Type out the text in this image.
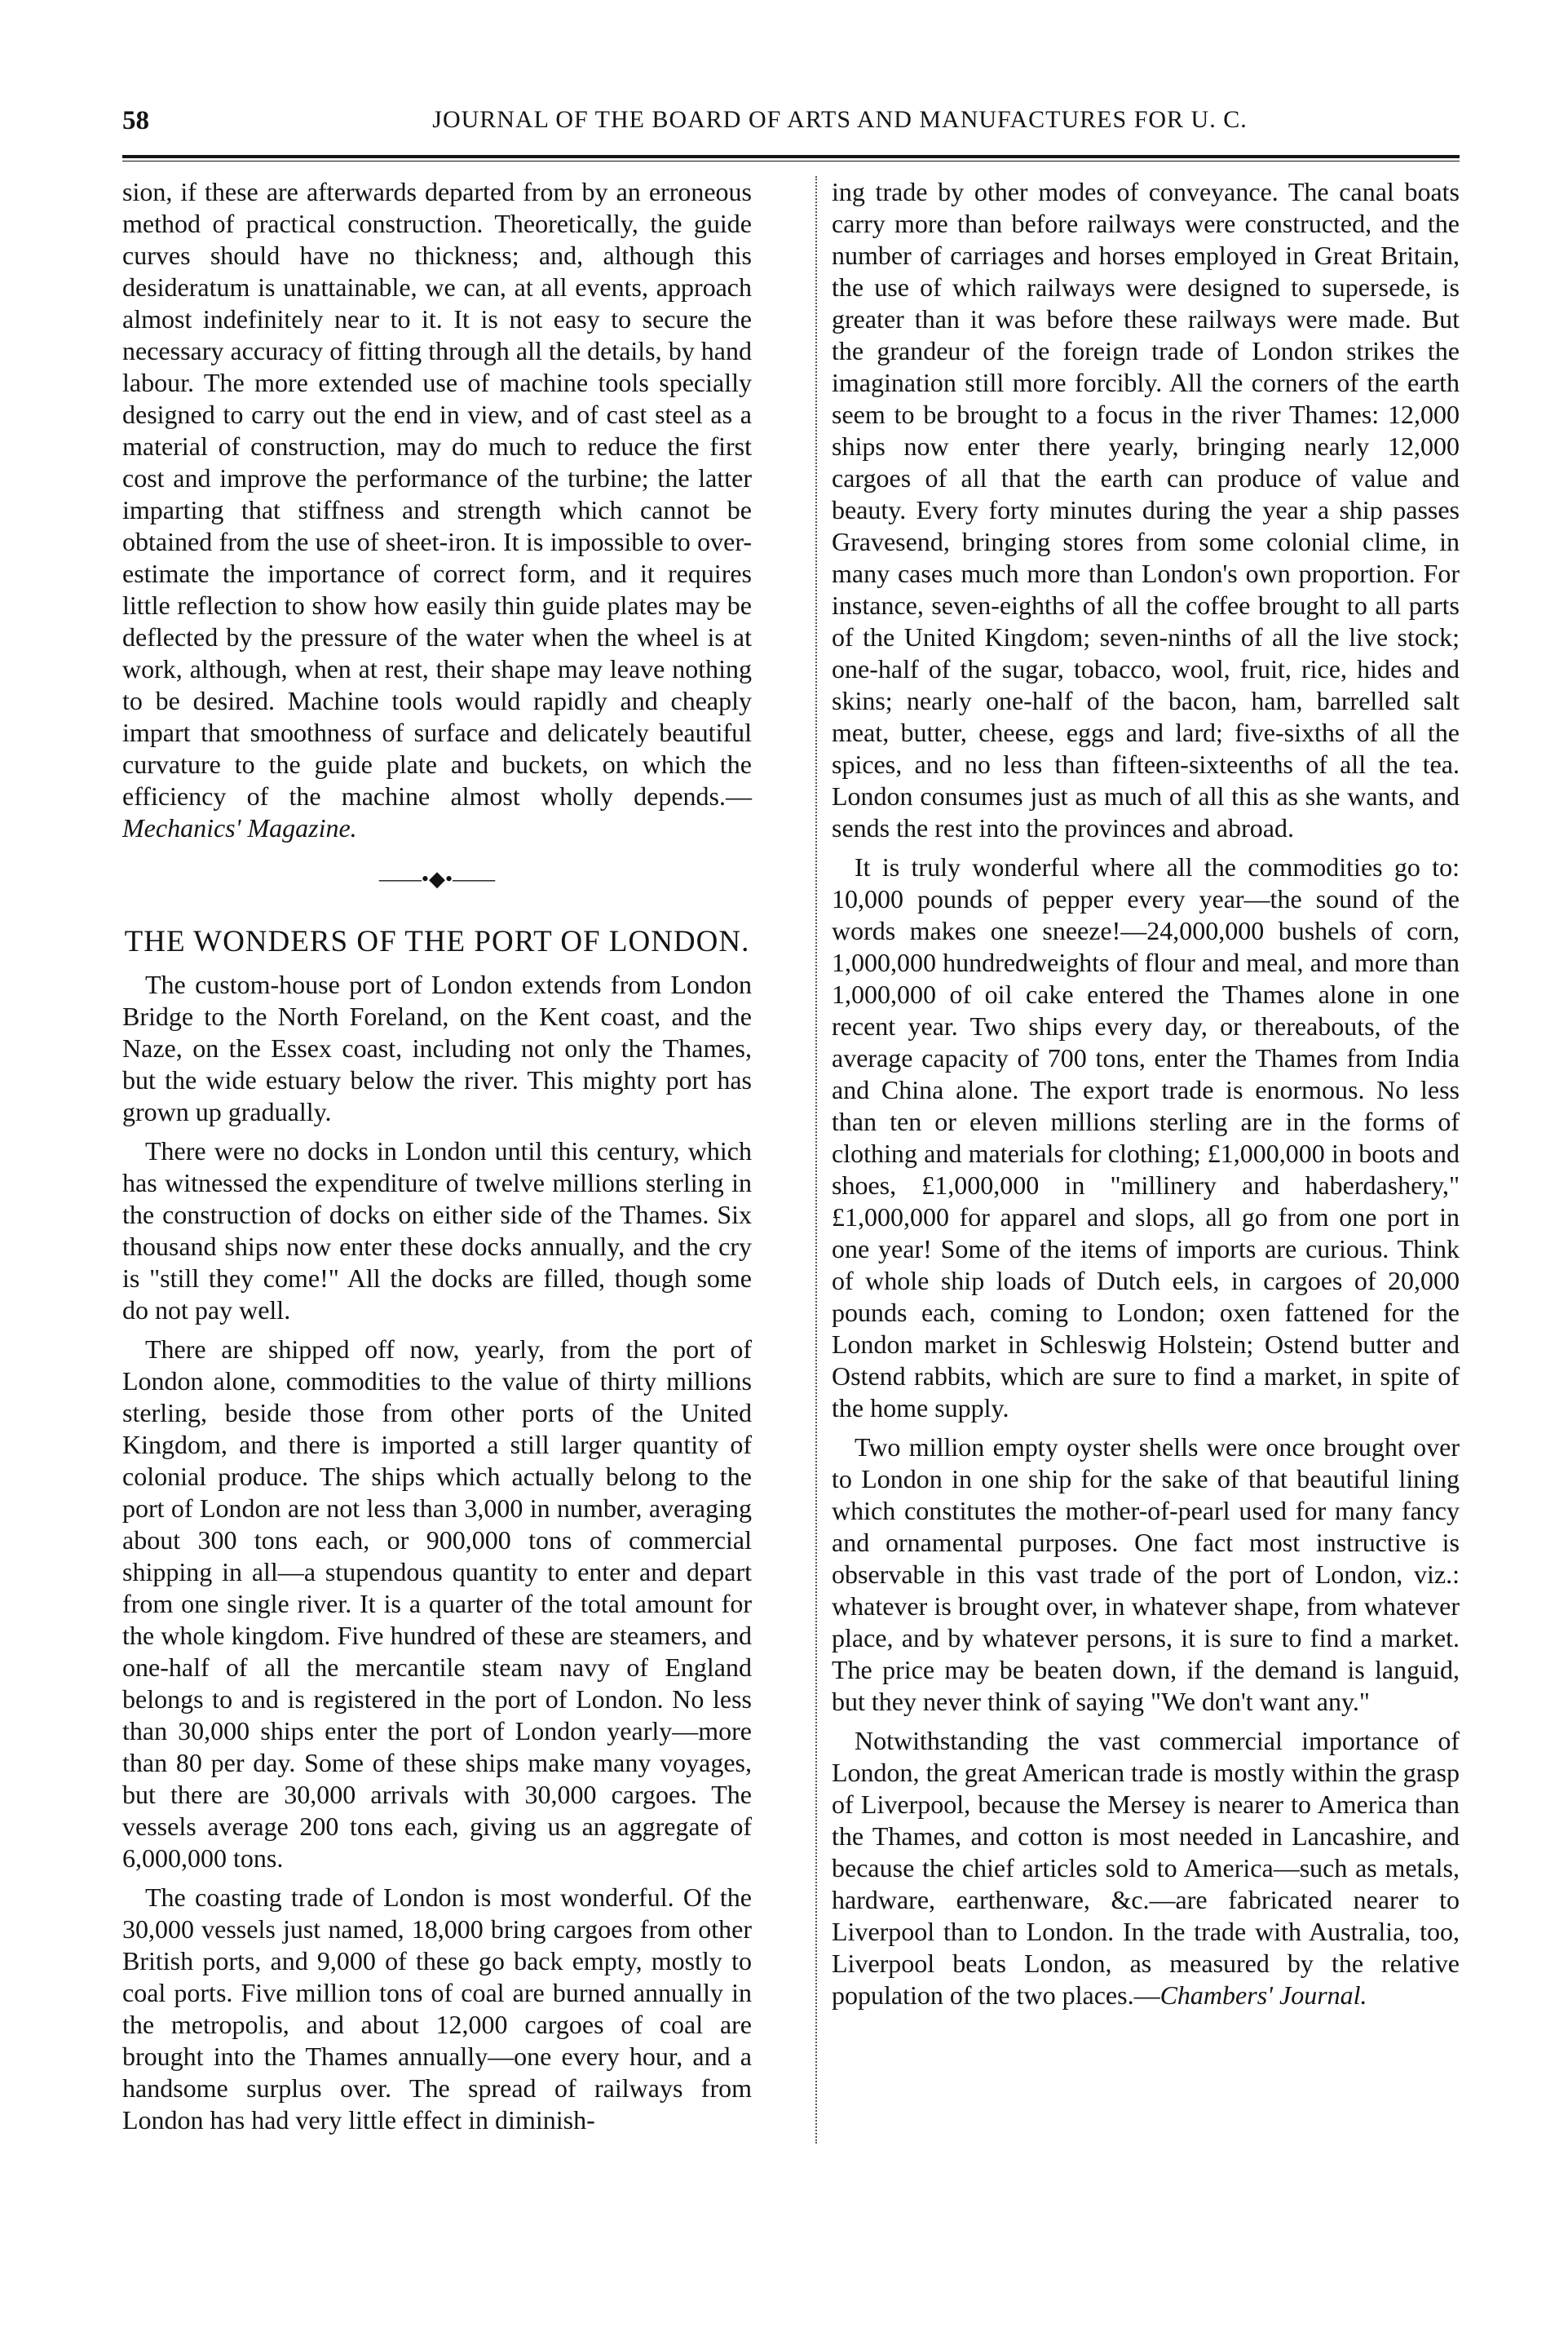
58	JOURNAL OF THE BOARD OF ARTS AND MANUFACTURES FOR U. C.

sion, if these are afterwards departed from by an erroneous method of practical construction. Theoretically, the guide curves should have no thickness; and, although this desideratum is unattainable, we can, at all events, approach almost indefinitely near to it. It is not easy to secure the necessary accuracy of fitting through all the details, by hand labour. The more extended use of machine tools specially designed to carry out the end in view, and of cast steel as a material of construction, may do much to reduce the first cost and improve the performance of the turbine; the latter imparting that stiffness and strength which cannot be obtained from the use of sheet-iron. It is impossible to over-estimate the importance of correct form, and it requires little reflection to show how easily thin guide plates may be deflected by the pressure of the water when the wheel is at work, although, when at rest, their shape may leave nothing to be desired. Machine tools would rapidly and cheaply impart that smoothness of surface and delicately beautiful curvature to the guide plate and buckets, on which the efficiency of the machine almost wholly depends.—Mechanics' Magazine.

——•◆•——
THE WONDERS OF THE PORT OF LONDON.

The custom-house port of London extends from London Bridge to the North Foreland, on the Kent coast, and the Naze, on the Essex coast, including not only the Thames, but the wide estuary below the river. This mighty port has grown up gradually.

There were no docks in London until this century, which has witnessed the expenditure of twelve millions sterling in the construction of docks on either side of the Thames. Six thousand ships now enter these docks annually, and the cry is "still they come!" All the docks are filled, though some do not pay well.

There are shipped off now, yearly, from the port of London alone, commodities to the value of thirty millions sterling, beside those from other ports of the United Kingdom, and there is imported a still larger quantity of colonial produce. The ships which actually belong to the port of London are not less than 3,000 in number, averaging about 300 tons each, or 900,000 tons of commercial shipping in all—a stupendous quantity to enter and depart from one single river. It is a quarter of the total amount for the whole kingdom. Five hundred of these are steamers, and one-half of all the mercantile steam navy of England belongs to and is registered in the port of London. No less than 30,000 ships enter the port of London yearly—more than 80 per day. Some of these ships make many voyages, but there are 30,000 arrivals with 30,000 cargoes. The vessels average 200 tons each, giving us an aggregate of 6,000,000 tons.

The coasting trade of London is most wonderful. Of the 30,000 vessels just named, 18,000 bring cargoes from other British ports, and 9,000 of these go back empty, mostly to coal ports. Five million tons of coal are burned annually in the metropolis, and about 12,000 cargoes of coal are brought into the Thames annually—one every hour, and a handsome surplus over. The spread of railways from London has had very little effect in diminish-

ing trade by other modes of conveyance. The canal boats carry more than before railways were constructed, and the number of carriages and horses employed in Great Britain, the use of which railways were designed to supersede, is greater than it was before these railways were made. But the grandeur of the foreign trade of London strikes the imagination still more forcibly. All the corners of the earth seem to be brought to a focus in the river Thames: 12,000 ships now enter there yearly, bringing nearly 12,000 cargoes of all that the earth can produce of value and beauty. Every forty minutes during the year a ship passes Gravesend, bringing stores from some colonial clime, in many cases much more than London's own proportion. For instance, seven-eighths of all the coffee brought to all parts of the United Kingdom; seven-ninths of all the live stock; one-half of the sugar, tobacco, wool, fruit, rice, hides and skins; nearly one-half of the bacon, ham, barrelled salt meat, butter, cheese, eggs and lard; five-sixths of all the spices, and no less than fifteen-sixteenths of all the tea. London consumes just as much of all this as she wants, and sends the rest into the provinces and abroad.

It is truly wonderful where all the commodities go to: 10,000 pounds of pepper every year—the sound of the words makes one sneeze!—24,000,000 bushels of corn, 1,000,000 hundredweights of flour and meal, and more than 1,000,000 of oil cake entered the Thames alone in one recent year. Two ships every day, or thereabouts, of the average capacity of 700 tons, enter the Thames from India and China alone. The export trade is enormous. No less than ten or eleven millions sterling are in the forms of clothing and materials for clothing; £1,000,000 in boots and shoes, £1,000,000 in "millinery and haberdashery," £1,000,000 for apparel and slops, all go from one port in one year! Some of the items of imports are curious. Think of whole ship loads of Dutch eels, in cargoes of 20,000 pounds each, coming to London; oxen fattened for the London market in Schleswig Holstein; Ostend butter and Ostend rabbits, which are sure to find a market, in spite of the home supply.

Two million empty oyster shells were once brought over to London in one ship for the sake of that beautiful lining which constitutes the mother-of-pearl used for many fancy and ornamental purposes. One fact most instructive is observable in this vast trade of the port of London, viz.: whatever is brought over, in whatever shape, from whatever place, and by whatever persons, it is sure to find a market. The price may be beaten down, if the demand is languid, but they never think of saying "We don't want any."

Notwithstanding the vast commercial importance of London, the great American trade is mostly within the grasp of Liverpool, because the Mersey is nearer to America than the Thames, and cotton is most needed in Lancashire, and because the chief articles sold to America—such as metals, hardware, earthenware, &c.—are fabricated nearer to Liverpool than to London. In the trade with Australia, too, Liverpool beats London, as measured by the relative population of the two places.—Chambers' Journal.
